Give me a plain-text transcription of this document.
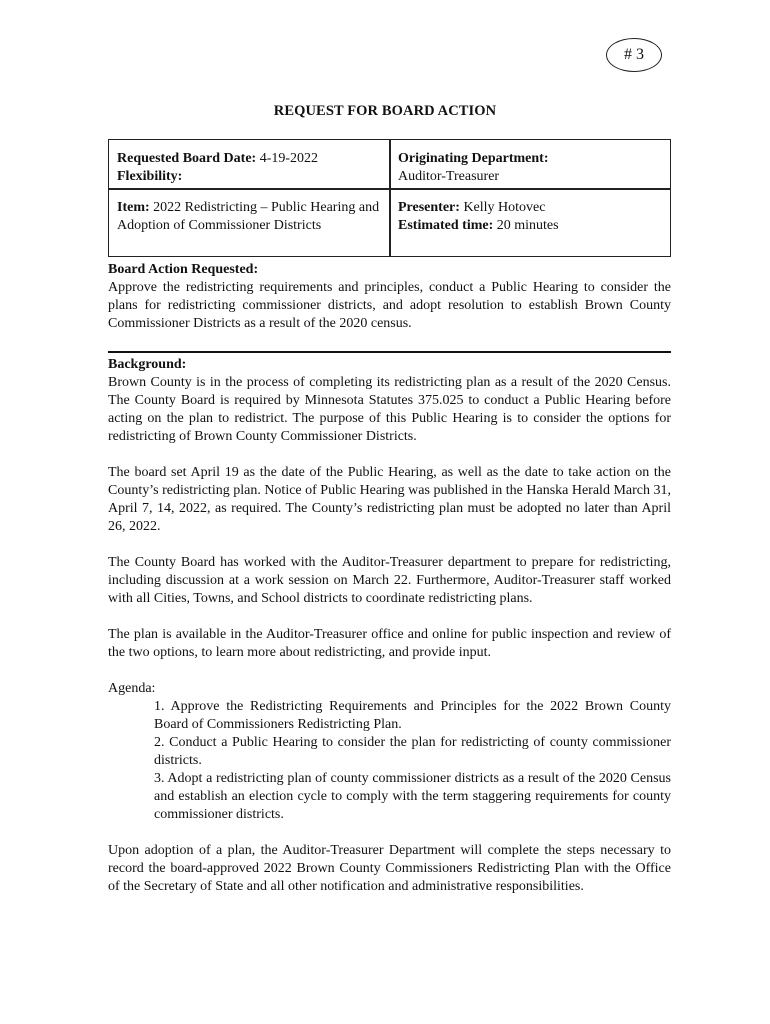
# 3
REQUEST FOR BOARD ACTION
Requested Board Date: 4-19-2022
Flexibility:
Originating Department:
Auditor-Treasurer
Item: 2022 Redistricting – Public Hearing and Adoption of Commissioner Districts
Presenter: Kelly Hotovec
Estimated time: 20 minutes
Board Action Requested:

Approve the redistricting requirements and principles, conduct a Public Hearing to consider the plans for redistricting commissioner districts, and adopt resolution to establish Brown County Commissioner Districts as a result of the 2020 census.

Background:

Brown County is in the process of completing its redistricting plan as a result of the 2020 Census. The County Board is required by Minnesota Statutes 375.025 to conduct a Public Hearing before acting on the plan to redistrict. The purpose of this Public Hearing is to consider the options for redistricting of Brown County Commissioner Districts.

The board set April 19 as the date of the Public Hearing, as well as the date to take action on the County’s redistricting plan. Notice of Public Hearing was published in the Hanska Herald March 31, April 7, 14, 2022, as required. The County’s redistricting plan must be adopted no later than April 26, 2022.

The County Board has worked with the Auditor-Treasurer department to prepare for redistricting, including discussion at a work session on March 22. Furthermore, Auditor-Treasurer staff worked with all Cities, Towns, and School districts to coordinate redistricting plans.

The plan is available in the Auditor-Treasurer office and online for public inspection and review of the two options, to learn more about redistricting, and provide input.

Agenda:

1. Approve the Redistricting Requirements and Principles for the 2022 Brown County Board of Commissioners Redistricting Plan.
2. Conduct a Public Hearing to consider the plan for redistricting of county commissioner districts.
3. Adopt a redistricting plan of county commissioner districts as a result of the 2020 Census and establish an election cycle to comply with the term staggering requirements for county commissioner districts.

Upon adoption of a plan, the Auditor-Treasurer Department will complete the steps necessary to record the board-approved 2022 Brown County Commissioners Redistricting Plan with the Office of the Secretary of State and all other notification and administrative responsibilities.
